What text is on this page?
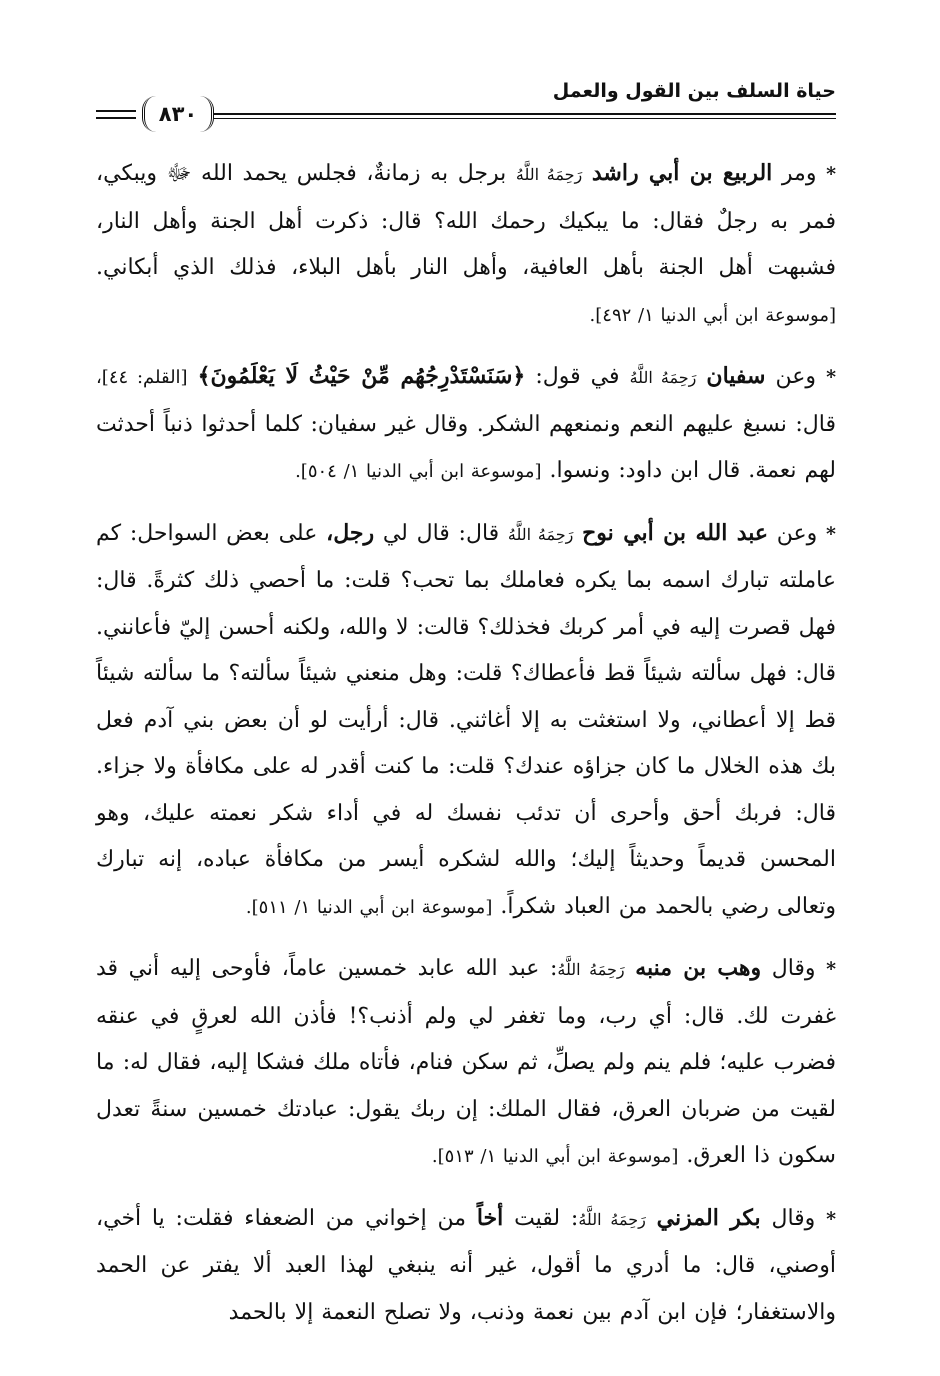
حياة السلف بين القول والعمل
٨٣٠

* ومر الربيع بن أبي راشد رَحِمَهُ اللَّهُ برجل به زمانةٌ، فجلس يحمد الله ﷻ ويبكي، فمر به رجلٌ فقال: ما يبكيك رحمك الله؟ قال: ذكرت أهل الجنة وأهل النار، فشبهت أهل الجنة بأهل العافية، وأهل النار بأهل البلاء، فذلك الذي أبكاني. [موسوعة ابن أبي الدنيا ١/ ٤٩٢].

* وعن سفيان رَحِمَهُ اللَّهُ في قول: ﴿سَنَسْتَدْرِجُهُم مِّنْ حَيْثُ لَا يَعْلَمُونَ﴾ [القلم: ٤٤]، قال: نسبغ عليهم النعم ونمنعهم الشكر. وقال غير سفيان: كلما أحدثوا ذنباً أحدثت لهم نعمة. قال ابن داود: ونسوا. [موسوعة ابن أبي الدنيا ١/ ٥٠٤].

* وعن عبد الله بن أبي نوح رَحِمَهُ اللَّهُ قال: قال لي رجل، على بعض السواحل: كم عاملته تبارك اسمه بما يكره فعاملك بما تحب؟ قلت: ما أحصي ذلك كثرةً. قال: فهل قصرت إليه في أمر كربك فخذلك؟ قالت: لا والله، ولكنه أحسن إليّ فأعانني. قال: فهل سألته شيئاً قط فأعطاك؟ قلت: وهل منعني شيئاً سألته؟ ما سألته شيئاً قط إلا أعطاني، ولا استغثت به إلا أغاثني. قال: أرأيت لو أن بعض بني آدم فعل بك هذه الخلال ما كان جزاؤه عندك؟ قلت: ما كنت أقدر له على مكافأة ولا جزاء. قال: فربك أحق وأحرى أن تدئب نفسك له في أداء شكر نعمته عليك، وهو المحسن قديماً وحديثاً إليك؛ والله لشكره أيسر من مكافأة عباده، إنه تبارك وتعالى رضي بالحمد من العباد شكراً. [موسوعة ابن أبي الدنيا ١/ ٥١١].

* وقال وهب بن منبه رَحِمَهُ اللَّهُ: عبد الله عابد خمسين عاماً، فأوحى إليه أني قد غفرت لك. قال: أي رب، وما تغفر لي ولم أذنب؟! فأذن الله لعرقٍ في عنقه فضرب عليه؛ فلم ينم ولم يصلِّ، ثم سكن فنام، فأتاه ملك فشكا إليه، فقال له: ما لقيت من ضربان العرق، فقال الملك: إن ربك يقول: عبادتك خمسين سنةً تعدل سكون ذا العرق. [موسوعة ابن أبي الدنيا ١/ ٥١٣].

* وقال بكر المزني رَحِمَهُ اللَّهُ: لقيت أخاً من إخواني من الضعفاء فقلت: يا أخي، أوصني، قال: ما أدري ما أقول، غير أنه ينبغي لهذا العبد ألا يفتر عن الحمد والاستغفار؛ فإن ابن آدم بين نعمة وذنب، ولا تصلح النعمة إلا بالحمد
